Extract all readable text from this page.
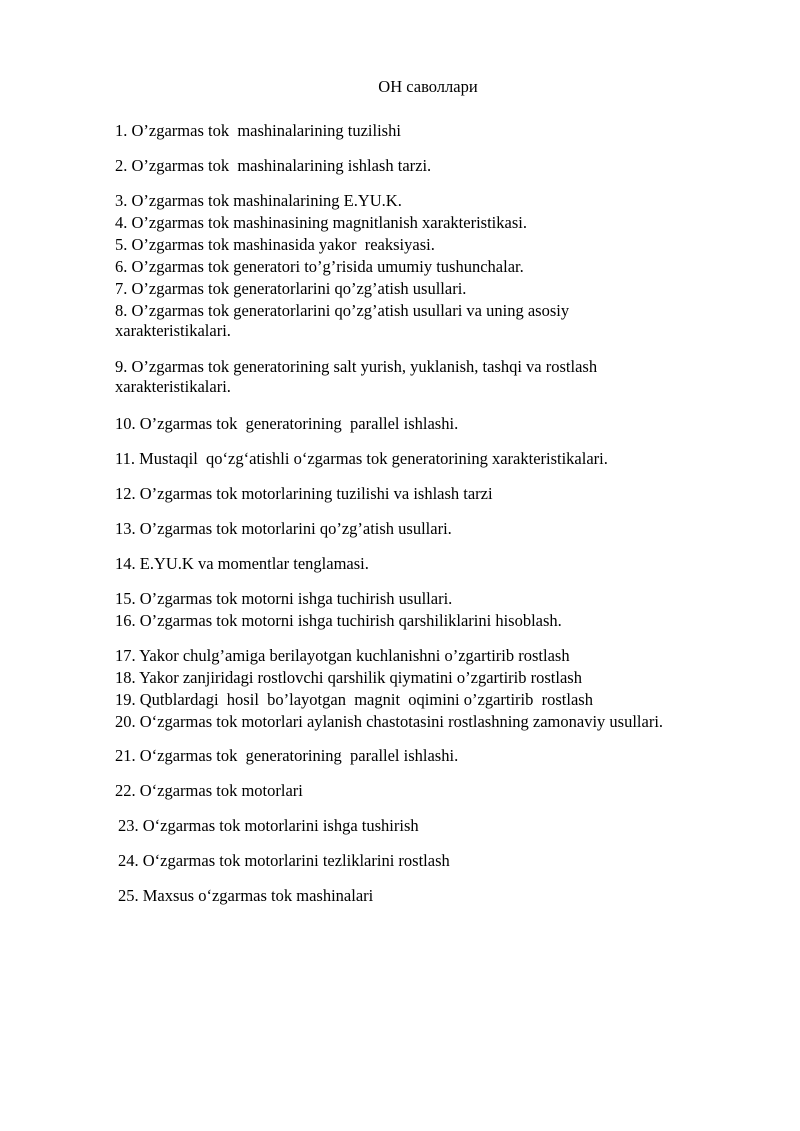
ОН саволлари
1. O’zgarmas tok  mashinalarining tuzilishi
2. O’zgarmas tok  mashinalarining ishlash tarzi.
3. O’zgarmas tok mashinalarining E.YU.K.
4. O’zgarmas tok mashinasining magnitlanish xarakteristikasi.
5. O’zgarmas tok mashinasida yakor  reaksiyasi.
6. O’zgarmas tok generatori to’g’risida umumiy tushunchalar.
7. O’zgarmas tok generatorlarini qo’zg’atish usullari.
8. O’zgarmas tok generatorlarini qo’zg’atish usullari va uning asosiy
xarakteristikalari.
9. O’zgarmas tok generatorining salt yurish, yuklanish, tashqi va rostlash
xarakteristikalari.
10. O’zgarmas tok  generatorining  parallel ishlashi.
11. Mustaqil  qo‘zg‘atishli o‘zgarmas tok generatorining xarakteristikalari.
12. O’zgarmas tok motorlarining tuzilishi va ishlash tarzi
13. O’zgarmas tok motorlarini qo’zg’atish usullari.
14. E.YU.K va momentlar tenglamasi.
15. O’zgarmas tok motorni ishga tuchirish usullari.
16. O’zgarmas tok motorni ishga tuchirish qarshiliklarini hisoblash.
17. Yakor chulg’amiga berilayotgan kuchlanishni o’zgartirib rostlash
18. Yakor zanjiridagi rostlovchi qarshilik qiymatini o’zgartirib rostlash
19. Qutblardagi  hosil  bo’layotgan  magnit  oqimini o’zgartirib  rostlash
20. O‘zgarmas tok motorlari aylanish chastotasini rostlashning zamonaviy usullari.
21. O‘zgarmas tok  generatorining  parallel ishlashi.
22. O‘zgarmas tok motorlari
23. O‘zgarmas tok motorlarini ishga tushirish
24. O‘zgarmas tok motorlarini tezliklarini rostlash
25. Maxsus o‘zgarmas tok mashinalari
